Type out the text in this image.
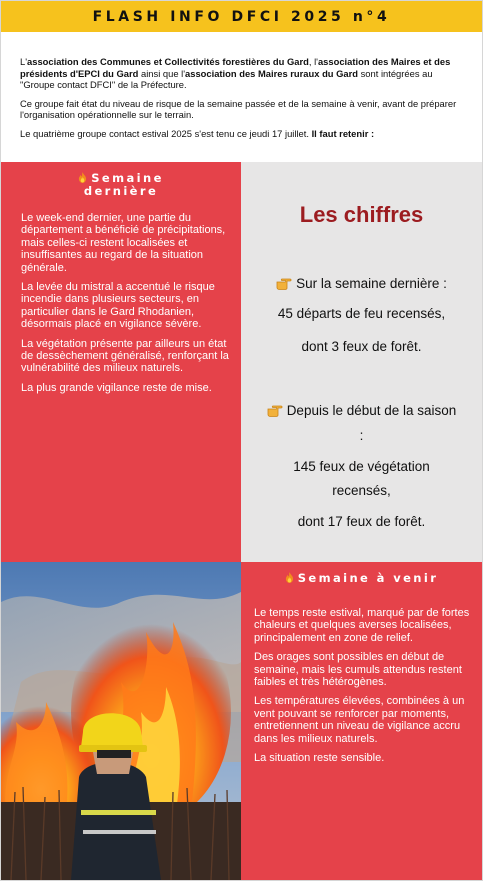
FLASH INFO DFCI 2025 n°4

L'association des Communes et Collectivités forestières du Gard, l'association des Maires et des présidents d'EPCI du Gard ainsi que l'association des Maires ruraux du Gard sont intégrées au "Groupe contact DFCI" de la Préfecture.

Ce groupe fait état du niveau de risque de la semaine passée et de la semaine à venir, avant de préparer l'organisation opérationnelle sur le terrain.

Le quatrième groupe contact estival 2025 s'est tenu ce jeudi 17 juillet. Il faut retenir :

Semaine
dernière

Le week-end dernier, une partie du département a bénéficié de précipitations, mais celles-ci restent localisées et insuffisantes au regard de la situation générale.

La levée du mistral a accentué le risque incendie dans plusieurs secteurs, en particulier dans le Gard Rhodanien, désormais placé en vigilance sévère.

La végétation présente par ailleurs un état de dessèchement généralisé, renforçant la vulnérabilité des milieux naturels.

La plus grande vigilance reste de mise.

Les chiffres
Sur la semaine dernière :
45 départs de feu recensés,
dont 3 feux de forêt.
Depuis le début de la saison
:
145 feux de végétation
recensés,
dont 17 feux de forêt.
Semaine à venir

Le temps reste estival, marqué par de fortes chaleurs et quelques averses localisées, principalement en zone de relief.

Des orages sont possibles en début de semaine, mais les cumuls attendus restent faibles et très hétérogènes.

Les températures élevées, combinées à un vent pouvant se renforcer par moments, entretiennent un niveau de vigilance accru dans les milieux naturels.

La situation reste sensible.
